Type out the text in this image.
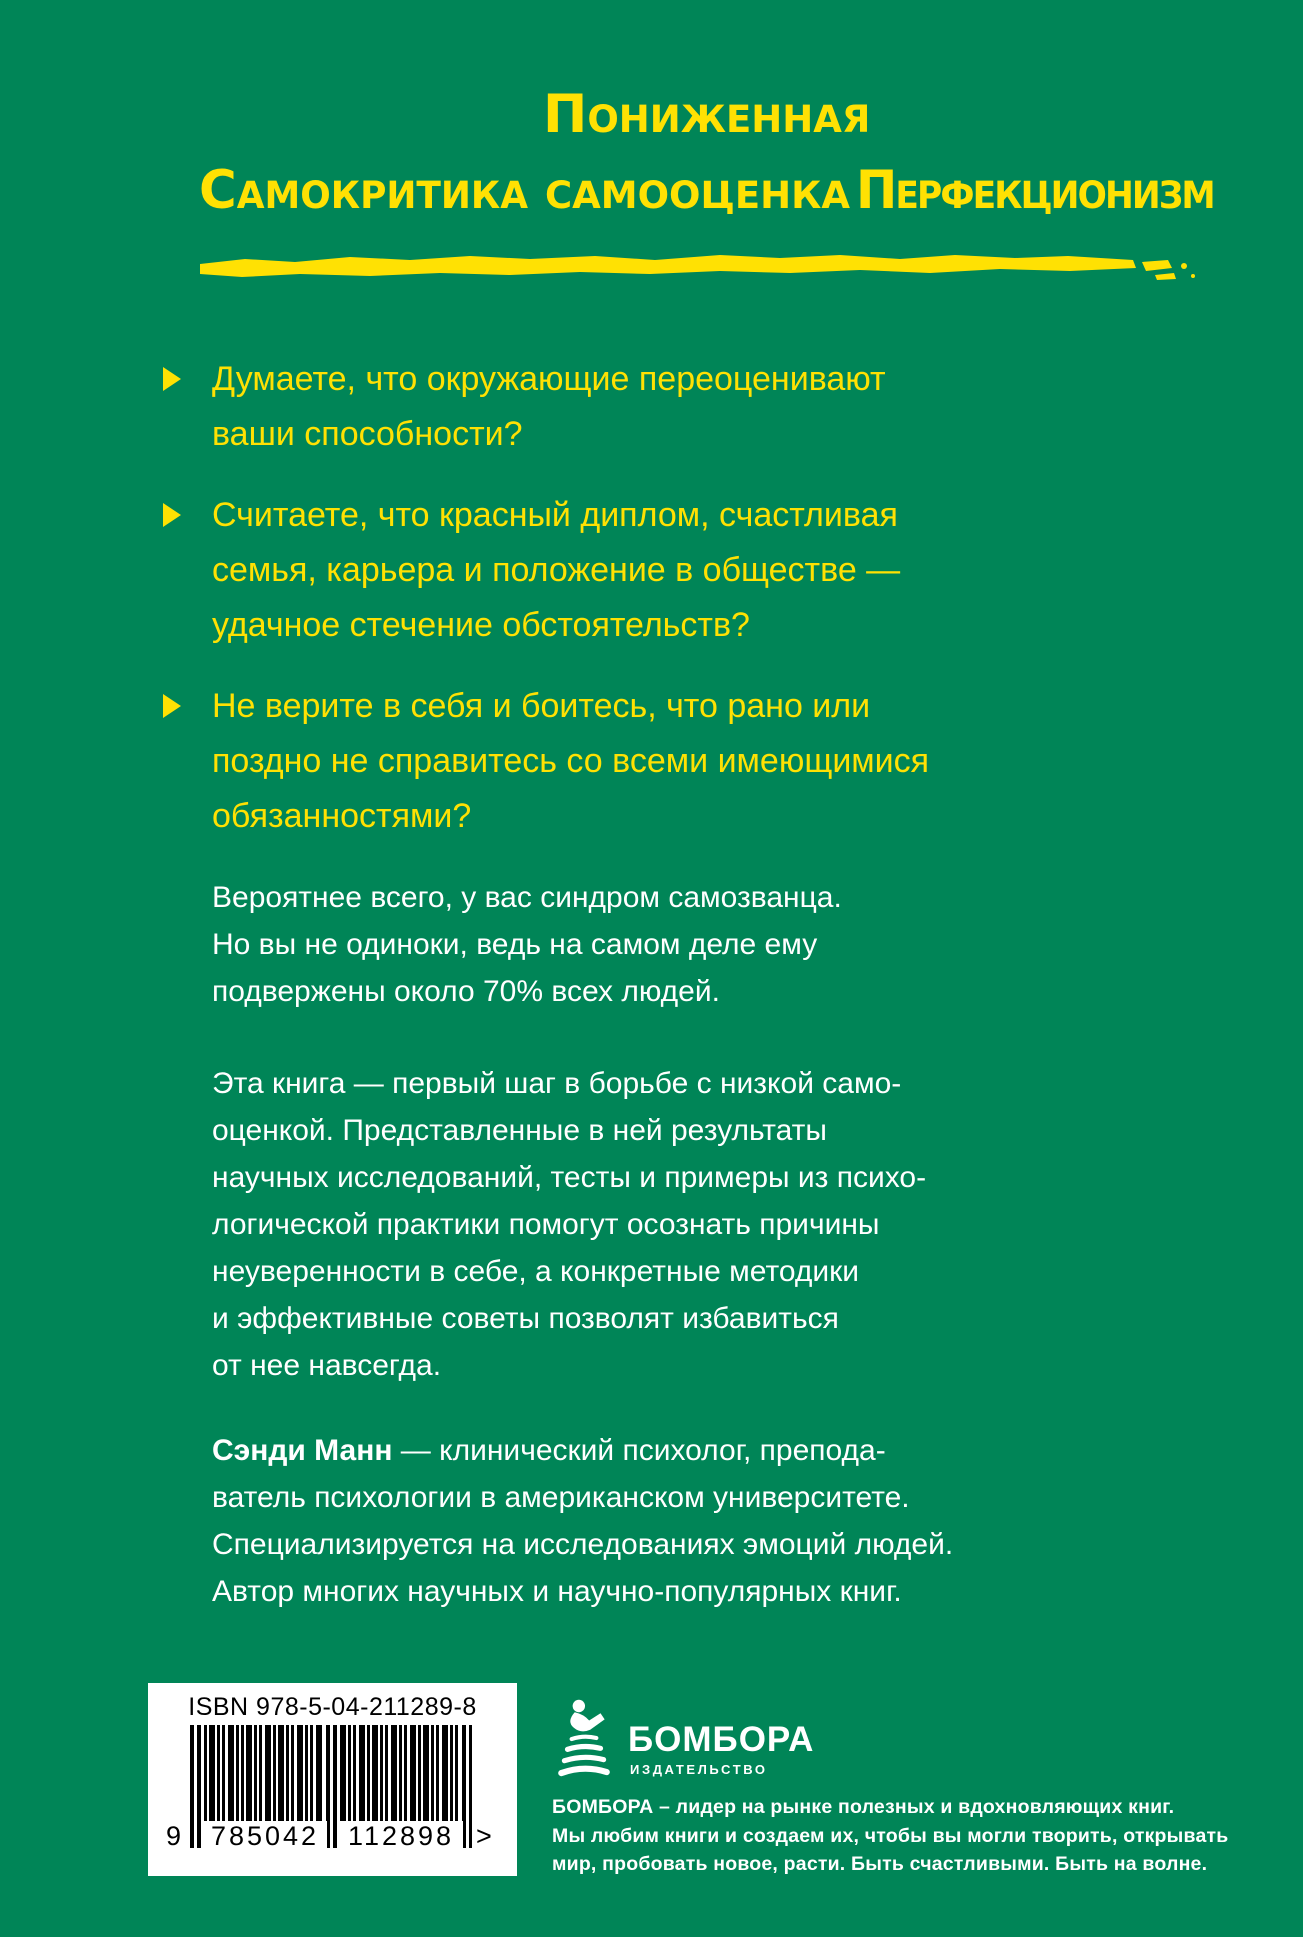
Самокритика
Пониженная
самооценка Перфекционизм
Думаете, что окружающие переоценивают
ваши способности?
Считаете, что красный диплом, счастливая
семья, карьера и положение в обществе —
удачное стечение обстоятельств?
Не верите в себя и боитесь, что рано или
поздно не справитесь со всеми имеющимися
обязанностями?
Вероятнее всего, у вас синдром самозванца.
Но вы не одиноки, ведь на самом деле ему
подвержены около 70% всех людей.
Эта книга — первый шаг в борьбе с низкой само-
оценкой. Представленные в ней результаты
научных исследований, тесты и примеры из психо-
логической практики помогут осознать причины
неуверенности в себе, а конкретные методики
и эффективные советы позволят избавиться
от нее навсегда.
Сэнди Манн — клинический психолог, препода-
ватель психологии в американском университете.
Специализируется на исследованиях эмоций людей.
Автор многих научных и научно-популярных книг.
ISBN 978-5-04-211289-8
9 785042	112898 >
БОМБОРА
ИЗДАТЕЛЬСТВО
БОМБОРА – лидер на рынке полезных и вдохновляющих книг.
Мы любим книги и создаем их, чтобы вы могли творить, открывать
мир, пробовать новое, расти. Быть счастливыми. Быть на волне.
